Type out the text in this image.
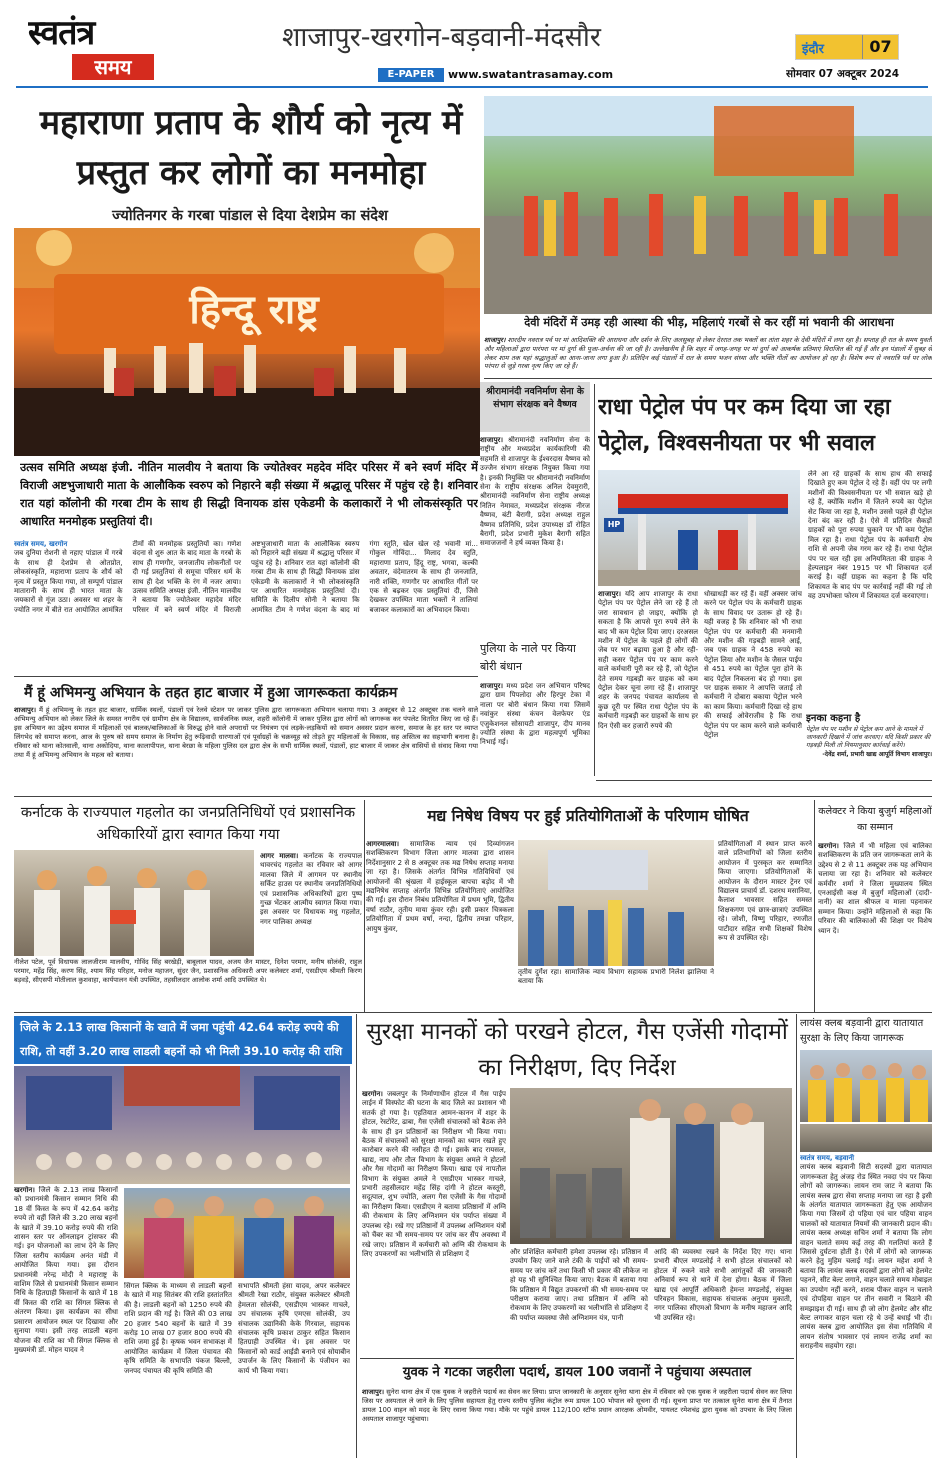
स्वतंत्र
समय
शाजापुर-खरगोन-बड़वानी-मंदसौर
E-PAPER	www.swatantrasamay.com
इंदौर	07
सोमवार 07 अक्टूबर 2024
महाराणा प्रताप के शौर्य को नृत्य में प्रस्तुत कर लोगों का मनमोहा
ज्योतिनगर के गरबा पांडाल से दिया देशप्रेम का संदेश
हिन्दू राष्ट्र
उत्सव समिति अध्यक्ष इंजी. नीतिन मालवीय ने बताया कि ज्योतेश्वर महदेव मंदिर परिसर में बने स्वर्ण मंदिर में विराजी अष्टभुजाधारी माता के आलौकिक स्वरुप को निहारने बड़ी संख्या में श्रद्धालू परिसर में पहुंच रहे है। शनिवार रात यहां कॉलोनी की गरबा टीम के साथ ही सिद्धी विनायक डांस एकेडमी के कलाकारों ने भी लोकसंस्कृति पर आधारित मनमोहक प्रस्तुतियां दी।
स्वतंत्र समय, खरगोन
जब दुनिया रोशनी से नहाए पांडाल में गरबे के साथ ही देशप्रेम से ओतप्रोत, लोकसंस्कृति, महाराणा प्रताप के शौर्य को नृत्य में प्रस्तुत किया गया, तो सम्पूर्ण पांडाल मातारानी के साथ ही भारत माता के जयकारों से गूंज उठा। अवसर था शहर के ज्योति नगर में बीते रात आयोजित आमंत्रित टीमों की मनमोहक प्रस्तुतियों का। गणेश वंदना से शुरु आत के बाद माता के गरबो के साथ ही गणगौर, जनजातीय लोकनीतों पर दी गई प्रस्तुतियां से समूचा परिसर धर्म के साथ ही देश भक्ति के रंग में नजर आया। उत्सव समिति अध्यक्ष इंजी. नीतिन मालवीय ने बताया कि ज्योतेश्वर महादेव मंदिर परिसर में बने स्वर्ण मंदिर में विराजी अष्टभुजाधारी माता के आलौकिक स्वरुप को निहारने बड़ी संख्या में श्रद्धालु परिसर में पहुंच रहे है। शनिवार रात यहां कॉलोनी की गरबा टीम के साथ ही सिद्धी विनायक डांस एकेडमी के कलाकारों ने भी लोकसंस्कृति पर आधारित मनमोहक प्रस्तुतियां दी। समिति के दिलीप सोनी ने बताया कि आमंत्रित टीम ने गणेश वंदना के बाद मां गंगा स्तुति, खेल खेल रहे भवानी मां... गोकुल गोविंदा... मिलाद देव स्तुति, महाराणा प्रताप, हिंदू राष्ट्र, भगवा, कल्की अवतार, वंदेमातरम के साथ ही जनजाति, नारी शक्ति, गणगौर पर आधारित गीतों पर एक से बढ़कर एक प्रस्तुतियां दी, जिसे देखकर उपस्थित माता भक्तों ने तालियां बजाकर कलाकारों का अभिवादन किया।
देवी मंदिरों में उमड़ रही आस्था की भीड़, महिलाएं गरबों से कर रहीं मां भवानी की आराधना
शाजापुर। शारदीय नवरात्र पर्व पर मां आदिशक्ति की आराधना और दर्शन के लिए अलसुबह से लेकर देररात तक भक्तों का तांता शहर के देवी मंदिरों में लगा रहा है। सप्ताह ही रात के समय युवती और महिलाओं द्वारा पारंपरा पर मां दुर्गा की पूजा-अर्चना की जा रही है। उल्लेखनीय है कि शहर में जगह-जगह पर मां दुर्गा को आकर्षक प्रतिमाएं विराजित की गई हैं और इन पंडालों में सुबह से लेकर शाम तक यहां श्रद्धालुओं का आना-जाना लगा हुआ है। प्रतिदिन कई पंडालों में रात के समय भजन संध्या और भक्ति गीतों का आयोजन हो रहा है। विशेष रूप से नवरात्रि पर्व पर लोक परंपरा से जुड़े गरबा नृत्य किए जा रहे हैं।
श्रीरामानंदी नवनिर्माण सेना के संभाग संरक्षक बने वैष्णव
शाजापुर। श्रीरामानंदी नवनिर्माण सेना के राष्ट्रीय और मध्यप्रदेश कार्यकारिणी की सहमति से शाजापुर के ईश्वरदास वैष्णव को उज्जैन संभाग संरक्षक नियुक्त किया गया है। इनकी नियुक्ति पर श्रीरामानंदी नवनिर्माण सेना के राष्ट्रीय संरक्षक अनिल देवमुरारी, श्रीरामानंदी नवनिर्माण सेना राष्ट्रीय अध्यक्ष नितिन नेमावत, मध्यप्रदेश संरक्षक नीरज वैष्णव, बंटी बैरागी, प्रदेश अध्यक्ष राहुल वैष्णव प्रतिनिधि, प्रदेश उपाध्यक्ष डॉ रोहित बैरागी, प्रदेश प्रभारी मुकेश बैरागी सहित समाजजनों ने हर्ष व्यक्त किया है।
पुलिया के नाले पर किया बोरी बंधान
शाजापुर। मध्य प्रदेश जन अभियान परिषद द्वारा ग्राम पिपलोदा और हिरपुर टेका में नाला पर बोरी बंधान किया गया जिसमें नवांकुर संस्था कंचन वेलफेयर एंड एजुकेशनल सोसायटी शाजापुर, दीप मानव ज्योति संस्था के द्वारा महत्वपूर्ण भूमिका निभाई गई।
राधा पेट्रोल पंप पर कम दिया जा रहा पेट्रोल, विश्वसनीयता पर भी सवाल
HP
शाजापुर। यदि आप शाजापुर के राधा पेट्रोल पंप पर पेट्रोल लेने जा रहे हैं तो जरा सावधान हो जाइए, क्योंकि हो सकता है कि आपसे पूरा रुपये लेने के बाद भी कम पेट्रोल दिया जाए। दरअसल मशीन में पेट्रोल के पहले ही लोगों की जेब पर भार बढ़ाया हुआ है और रही-सही कसर पेट्रोल पंप पर काम करने वाले कर्मचारी पूरी कर रहे हैं, जो पेट्रोल देते समय गड़बड़ी कर ग्राहक को कम पेट्रोल देकर चूना लगा रहे हैं। शाजापुर शहर के जनपद पंचायत कार्यालय से कुछ दूरी पर स्थित राधा पेट्रोल पंप के कर्मचारी गड़बड़ी कर ग्राहकों के साथ हर दिन ऐसी कर हजारों रुपये की
धोखाधड़ी कर रहे हैं। वहीं अक्सर जांच करने पर पेट्रोल पंप के कर्मचारी ग्राहक के साथ विवाद पर उतारू हो रहे हैं। यही वजह है कि शनिवार को भी राधा पेट्रोल पंप पर कर्मचारी की मनमानी और मशीन की गड़बड़ी सामने आई, जब एक ग्राहक ने 458 रुपये का पेट्रोल लिया और मशीन के जैसल पाईप से 451 रुपये का पेट्रोल पूरा होने के बाद पेट्रोल निकलना बंद हो गया। इस पर ग्राहक सकार ने आपत्ति जताई तो कर्मचारी ने दोबारा बकाया पेट्रोल भरने का काम किया। कर्मचारी दिखा रहे हाथ की सफाई ओवेराजीव है कि राधा पेट्रोल पंप पर काम करने वाले कर्मचारी पेट्रोल
लेने आ रहे ग्राहकों के साथ हाथ की सफाई दिखाते हुए कम पेट्रोल दे रहे हैं। वहीं पंप पर लगी मशीनों की विश्वसनीयता पर भी सवाल खड़े हो रहे हैं, क्योंकि मशीन में जितने रुपये का पेट्रोल सेट किया जा रहा है, मशीन उससे पहले ही पेट्रोल देना बंद कर रही है। ऐसे में प्रतिदिन सैकड़ों ग्राहकों को पूरा रुपया चुकाने पर भी कम पेट्रोल मिल रहा है। राधा पेट्रोल पंप के कर्मचारी शेष राशि से अपनी जेब गरम कर रहे हैं। राधा पेट्रोल पंप पर चल रही इस अनियमितता की ग्राहक ने हेल्पलाइन नंबर 1915 पर भी शिकायत दर्ज कराई है। वहीं ग्राहक का कहना है कि यदि शिकायत के बाद पंप पर कार्रवाई नहीं की गई तो वह उपभोक्ता फोरम में शिकायत दर्ज करवाएगा।
इनका कहना है
पेट्रोल पंप पर मशीन से पेट्रोल कम आने के मामले में जानकारी दिखाने में जांच करवाए। यदि किसी प्रकार की गड़बड़ी मिली तो नियमानुसार कार्रवाई करेंगे।
-देवेंद्र शर्मा, प्रभारी खाद्य आपूर्ति विभाग शाजापुर।
मैं हूं अभिमन्यु अभियान के तहत हाट बाजार में हुआ जागरूकता कार्यक्रम
शाजापुर। मैं हूं अभिमन्यु के तहत हाट बाजार, धार्मिक स्थलों, पंडालों एवं रेलवे स्टेशन पर जाकर पुलिस द्वारा जागरूकता अभियान चलाया गया। 3 अक्टूबर से 12 अक्टूबर तक चलने वाले अभिमन्यु अभियान को लेकर जिले के समस्त नगरीय एवं ग्रामीण क्षेत्र के विद्यालय, सार्वजनिक स्थल, शहरी कॉलोनी में जाकर पुलिस द्वारा लोगों को जागरूक कर पंपलेट वितरित किए जा रहे हैं। इस अभियान का उद्देश्य समाज में महिलाओं एवं बालक/बालिकाओं के विरुद्ध होने वाले अपराधों पर नियंत्रण एवं लड़के-लड़कियों को समान अवसर प्रदान करना, समाज के हर स्तर पर व्याप्त लिंगभेद को समाप्त करना, आज के पुरुष को समय समाज के निर्माण हेतु रूढ़िवादी धारणाओं एवं पूर्वाग्रहों के चक्रव्यूह को तोड़ते हुए महिलाओं के विकास, सह अस्तित्व का सहभागी बनाना है। रविवार को थाना कोतवाली, थाना अकोदिया, थाना कालापीपल, थाना बेरछा के महिला पुलिस दल द्वारा क्षेत्र के सभी धार्मिक स्थलों, पंडालों, हाट बाजार में जाकर क्षेत्र वासियों से संवाद किया गया तथा मैं हूं अभिमन्यु अभियान के महत्व को बताया।
कर्नाटक के राज्यपाल गहलोत का जनप्रतिनिधियों एवं प्रशासनिक अधिकारियों द्वारा स्वागत किया गया
आगर मालवा। कर्नाटक के राज्यपाल थावरचंद गहलोत का रविवार को आगर मालवा जिले में आगमन पर स्थानीय सर्किट हाउस पर स्थानीय जनप्रतिनिधियों एवं प्रशासनिक अधिकारियों द्वारा पुष्प गुच्छ भेंटकर आत्मीय स्वागत किया गया। इस अवसर पर विधायक मधु गहलोत, नगर पालिका अध्यक्ष
नीलेश पटेल, पूर्व विधायक लालजीराम मालवीय, गोविंद सिंह बरखेड़ी, बाबूलाल यादव, अजय जैन मास्टर, दिनेश परमार, मनीष सोलंकी, राहुल परमार, महेंद्र सिंह, करण सिंह, श्याम सिंह परिहार, मनोज महाजन, सुंदर जैन, प्रशासनिक अधिकारी अपर कलेक्टर शर्मा, एसडीएम श्रीमती किरण बड़वड़े, सीएसपी मोतीलाल कुशवाहा, कार्यपालन यंत्री उपस्थित, तहसीलदार आलोक शर्मा आदि उपस्थित थे।
मद्य निषेध विषय पर हुई प्रतियोगिताओं के परिणाम घोषित
आगरमालवा। सामाजिक न्याय एवं दिव्यांगजन सशक्तिकरण विभाग जिला आगर मालवा द्वारा शासन निर्देशानुसार 2 से 8 अक्टूबर तक मद्य निषेध सप्ताह मनाया जा रहा है। जिसके अंतर्गत विभिन्न गतिविधियों एवं आयोजनों की श्रृंखला में हाईस्कूल बापचा बड़ोद में भी मद्यनिषेध सप्ताह अंतर्गत विभिन्न प्रतियोगिताएं आयोजित की गईं। इस दौरान निबंध प्रतियोगिता में प्रथम भूमि, द्वितीय वर्षा राठौर, तृतीय माया कुंवर रही। इसी प्रकार चित्रकला प्रतियोगिता में प्रथम वर्षा, नन्दा, द्वितीय तमन्ना परिहार, आयुष कुंवर,
तृतीय दुर्गेश रहा। सामाजिक न्याय विभाग सहायक प्रभारी निलेश झालिया ने बताया कि
प्रतियोगिताओं में स्थान प्राप्त करने वाले प्रतिभागियों को जिला स्तरीय आयोजन में पुरस्कृत कर सम्मानित किया जाएगा। प्रतियोगिताओं के आयोजन के दौरान मास्टर ट्रेनर एवं विद्यालय प्राचार्य डॉ. दशरथ मसानिया, कैलाश भावसार सहित समस्त शिक्षकगण एवं छात्र-छात्राएं उपस्थित रहे। जोशी, विष्णु परिहार, रणजीत पाटीदार सहित सभी शिक्षकों विशेष रूप से उपस्थित रहे।
कलेक्टर ने किया बुजुर्ग महिलाओं का सम्मान
खरगोन। जिले में भी महिला एवं बालिका सशक्तिकरण के प्रति जन जागरूकता लाने के उद्देश्य से 2 से 11 अक्टूबर तक यह अभियान चलाया जा रहा है। शनिवार को कलेक्टर कर्मवीर शर्मा ने जिला मुख्यालय स्थित एनआईसी कक्ष में बुजुर्ग महिलाओं (दादी-नानी) का शाल श्रीफल व माला पहनाकर सम्मान किया। उन्होंने महिलाओं से कहा कि परिवार की बालिकाओं की शिक्षा पर विशेष ध्यान दें।
जिले के 2.13 लाख किसानों के खाते में जमा पहुंची 42.64 करोड़ रुपये की राशि, तो वहीं 3.20 लाख लाडली बहनों को भी मिली 39.10 करोड़ की राशि
खरगोन। जिले के 2.13 लाख किसानों को प्रधानमंत्री किसान सम्मान निधि की 18 वीं किस्त के रूप में 42.64 करोड़ रुपये तो वहीं जिले की 3.20 लाख बहनों के खाते में 39.10 करोड़ रुपये की राशि शासन स्तर पर ऑनलाइन ट्रांसफर की गई। इन योजनाओं का लाभ देने के लिए जिला स्तरीय कार्यक्रम अनंत मंडी में आयोजित किया गया। इस दौरान प्रधानमंत्री नरेन्द्र मोदी ने महाराष्ट्र के वाशिम जिले से प्रधानमंत्री किसान सम्मान निधि के हितग्राही किसानों के खाते में 18 वीं किस्त की राशि का सिंगल क्लिक से अंतरण किया। इस कार्यक्रम का सीधा प्रसारण आयोजन स्थल पर दिखाया और सुनाया गया। इसी तरह लाडली बहना योजना की राशि का भी सिंगल क्लिक से मुख्यमंत्री डॉ. मोहन यादव ने
सिंगल क्लिक के माध्यम से लाडली बहनों के खाते में माह सितंबर की राशि हस्तांतरित की है। लाडली बहनों को 1250 रुपये की राशि प्रदान की गई है। जिले की 03 लाख 20 हजार 540 बहनों के खाते में 39 करोड़ 10 लाख 07 हजार 800 रुपये की राशि जमा हुई है। कृषक भवन सभाकक्ष में आयोजित कार्यक्रम में जिला पंचायत की कृषि समिति के सभापति पंकज बिल्लौ, जनपद पंचायत की कृषि समिति की
सभापति श्रीमती हंसा यादव, अपर कलेक्टर श्रीमती रेखा राठौर, संयुक्त कलेक्टर श्रीमती हेमलता सोलंकी, एसडीएम भास्कर गाचले, उप संचालक कृषि एमएस सोलंकी, उप संचालक उद्यानिकी केके गिरवाल, सहायक संचालक कृषि प्रकाश ठाकुर सहित किसान हितग्राही उपस्थित थे। इस अवसर पर किसानों को कार्ड आईडी बनाने एवं सोयाबीन उपार्जन के लिए किसानों के पंजीयन का कार्य भी किया गया।
सुरक्षा मानकों को परखने होटल, गैस एजेंसी गोदामों का निरीक्षण, दिए निर्देश
खरगोन। जबलपुर के निर्माणाधीन होटल में गैस पाईप लाईन में विस्फोट की घटना के बाद जिले का प्रशासन भी सतर्क हो गया है। एहतियात आमन-कानन में शहर के होटल, रेस्टोरेंट, ढाबा, गैस एजेंसी संचालकों को बैठक लेने के साथ ही इन प्रतिष्ठानों का निरीक्षण भी किया गया। बैठक में संचालकों को सुरक्षा मानकों का ध्यान रखते हुए कारोबार करने की नसीहत दी गई। इसके बाद रायसल, खाद्य, नाप और तौल विभाग के संयुक्त अमले ने होटलों और गैस गोदामों का निरीक्षण किया। खाद्य एवं नापतौल विभाग के संयुक्त अमले ने एसडीएम भास्कर गाचले, प्रभारी तहसीलदार महेंद्र सिंह दांगी ने होटल कस्तूरी, सदूत्पाल, शुभ ज्योति, अलग गैस एजेंसी के गैस गोदामों का निरीक्षण किया। एसडीएम ने बताया प्रतिष्ठानों में अग्नि की रोकथाम के लिए अग्निशमन यंत्र पर्याप्त संख्या में उपलब्ध रहे। रखे गए प्रतिष्ठानों में उपलब्ध अग्निशमन यंत्रों को चैंबर का भी समय-समय पर जांच कर सैंप अवस्था में रखे जाए। प्रतिष्ठान में कर्मचारी को अग्नि की रोकथाम के लिए उपकरणों का भलीभांति से प्रशिक्षण दें	और प्रशिक्षित कर्मचारी हमेशा उपलब्ध रहे। प्रतिष्ठान में उपयोग किए जाने वाले टंकी के पाईपों को भी समय-समय पर जांच करें तथा किसी भी प्रकार की लीकेज ना हो यह भी सुनिश्चित किया जाए। बैठक में बताया गया कि प्रतिष्ठान में विद्युत उपकरणों की भी समय-समय पर परीक्षण कराया जाए। तथा प्रतिष्ठान में अग्नि को रोकथाम के लिए उपकरणों का भलीभांति से प्रशिक्षण दें की पर्याप्त व्यवस्था जैसे अग्निशमन यंत्र, पानी
आदि की व्यवस्था रखने के निर्देश दिए गए। थाना प्रभारी बीएल मण्डलोई ने सभी होटल संचालकों को होटल में रुकने वाले सभी आगंतुकों की जानकारी अनिवार्य रूप से थाने में देना होगा। बैठक में जिला खाद्य एवं आपूर्ति अधिकारी हेमन्त मण्डलोई, संयुक्त परिवहन विकास, सहायक संचालक अनुपम मुकाती, नगर पालिका सीएमओ विभाग के मनीष महाजन आदि भी उपस्थित रहे।
युवक ने गटका जहरीला पदार्थ, डायल 100 जवानों ने पहुंचाया अस्पताल
शाजापुर। सुनेरा थाना क्षेत्र में एक युवक ने जहरीले पदार्थ का सेवन कर लिया। प्राप्त जानकारी के अनुसार सुनेरा थाना क्षेत्र में रविवार को एक युवक ने जहरीला पदार्थ सेवन कर लिया जिस पर अस्पताल ले जाने के लिए पुलिस सहायता हेतु राज्य स्तरीय पुलिस कंट्रोल रूम डायल 100 भोपाल को सूचना दी गई। सूचना प्राप्त पर तत्काल सुनेरा थाना क्षेत्र में तैनात डायल 100 वाहन को मदद के लिए रवाना किया गया। मौके पर पहुंचे डायल 112/100 स्टॉफ प्रधान आरक्षक ओमवीर, पायलट रमेशचंद्र द्वारा युवक को उपचार के लिए जिला अस्पताल शाजापुर पहुंचाया।
लायंस क्लब बड़वानी द्वारा यातायात सुरक्षा के लिए किया जागरूक
स्वतंत्र समय, बड़वानी
लायंस क्लब बड़वानी सिटी सदस्यों द्वारा यातायात जागरूकता हेतु अंजड़ रोड स्थित नवदा पंप पर किया लोगों को जागरूक। लायन राम जाट ने बताया कि लायंस क्लब द्वारा सेवा सप्ताह मनाया जा रहा है इसी के अंतर्गत यातायात जागरूकता हेतु एक आयोजन किया गया जिसमें दो पहिया एवं चार पहिया वाहन चालकों को यातायात नियमों की जानकारी प्रदान की। लायंस क्लब अध्यक्ष सचिन शर्मा ने बताया कि लोग वाहन चलाते समय कई तरह की गलतियां करते हैं जिससे दुर्घटना होती है। ऐसे में लोगों को जागरूक करने हेतु मुहिम चलाई गई। लायन महेश शर्मा ने बताया कि लायंस क्लब सदस्यों द्वारा लोगों को हेलमेट पहनने, सीट बेल्ट लगाने, वाहन चलाते समय मोबाइल का उपयोग नहीं करने, शराब पीकर वाहन न चलाने एवं दोपहिया वाहन पर तीन सवारी न बिठाने की समझाइश दी गई। साथ ही जो लोग हेलमेट और सीट बेल्ट लगाकर वाहन चला रहे थे उन्हें बधाई भी दी। लायंस क्लब द्वारा आयोजित इस सेवा गतिविधि में लायन संतोष भावसार एवं लायन राजेंद्र शर्मा का सराहनीय सहयोग रहा।
